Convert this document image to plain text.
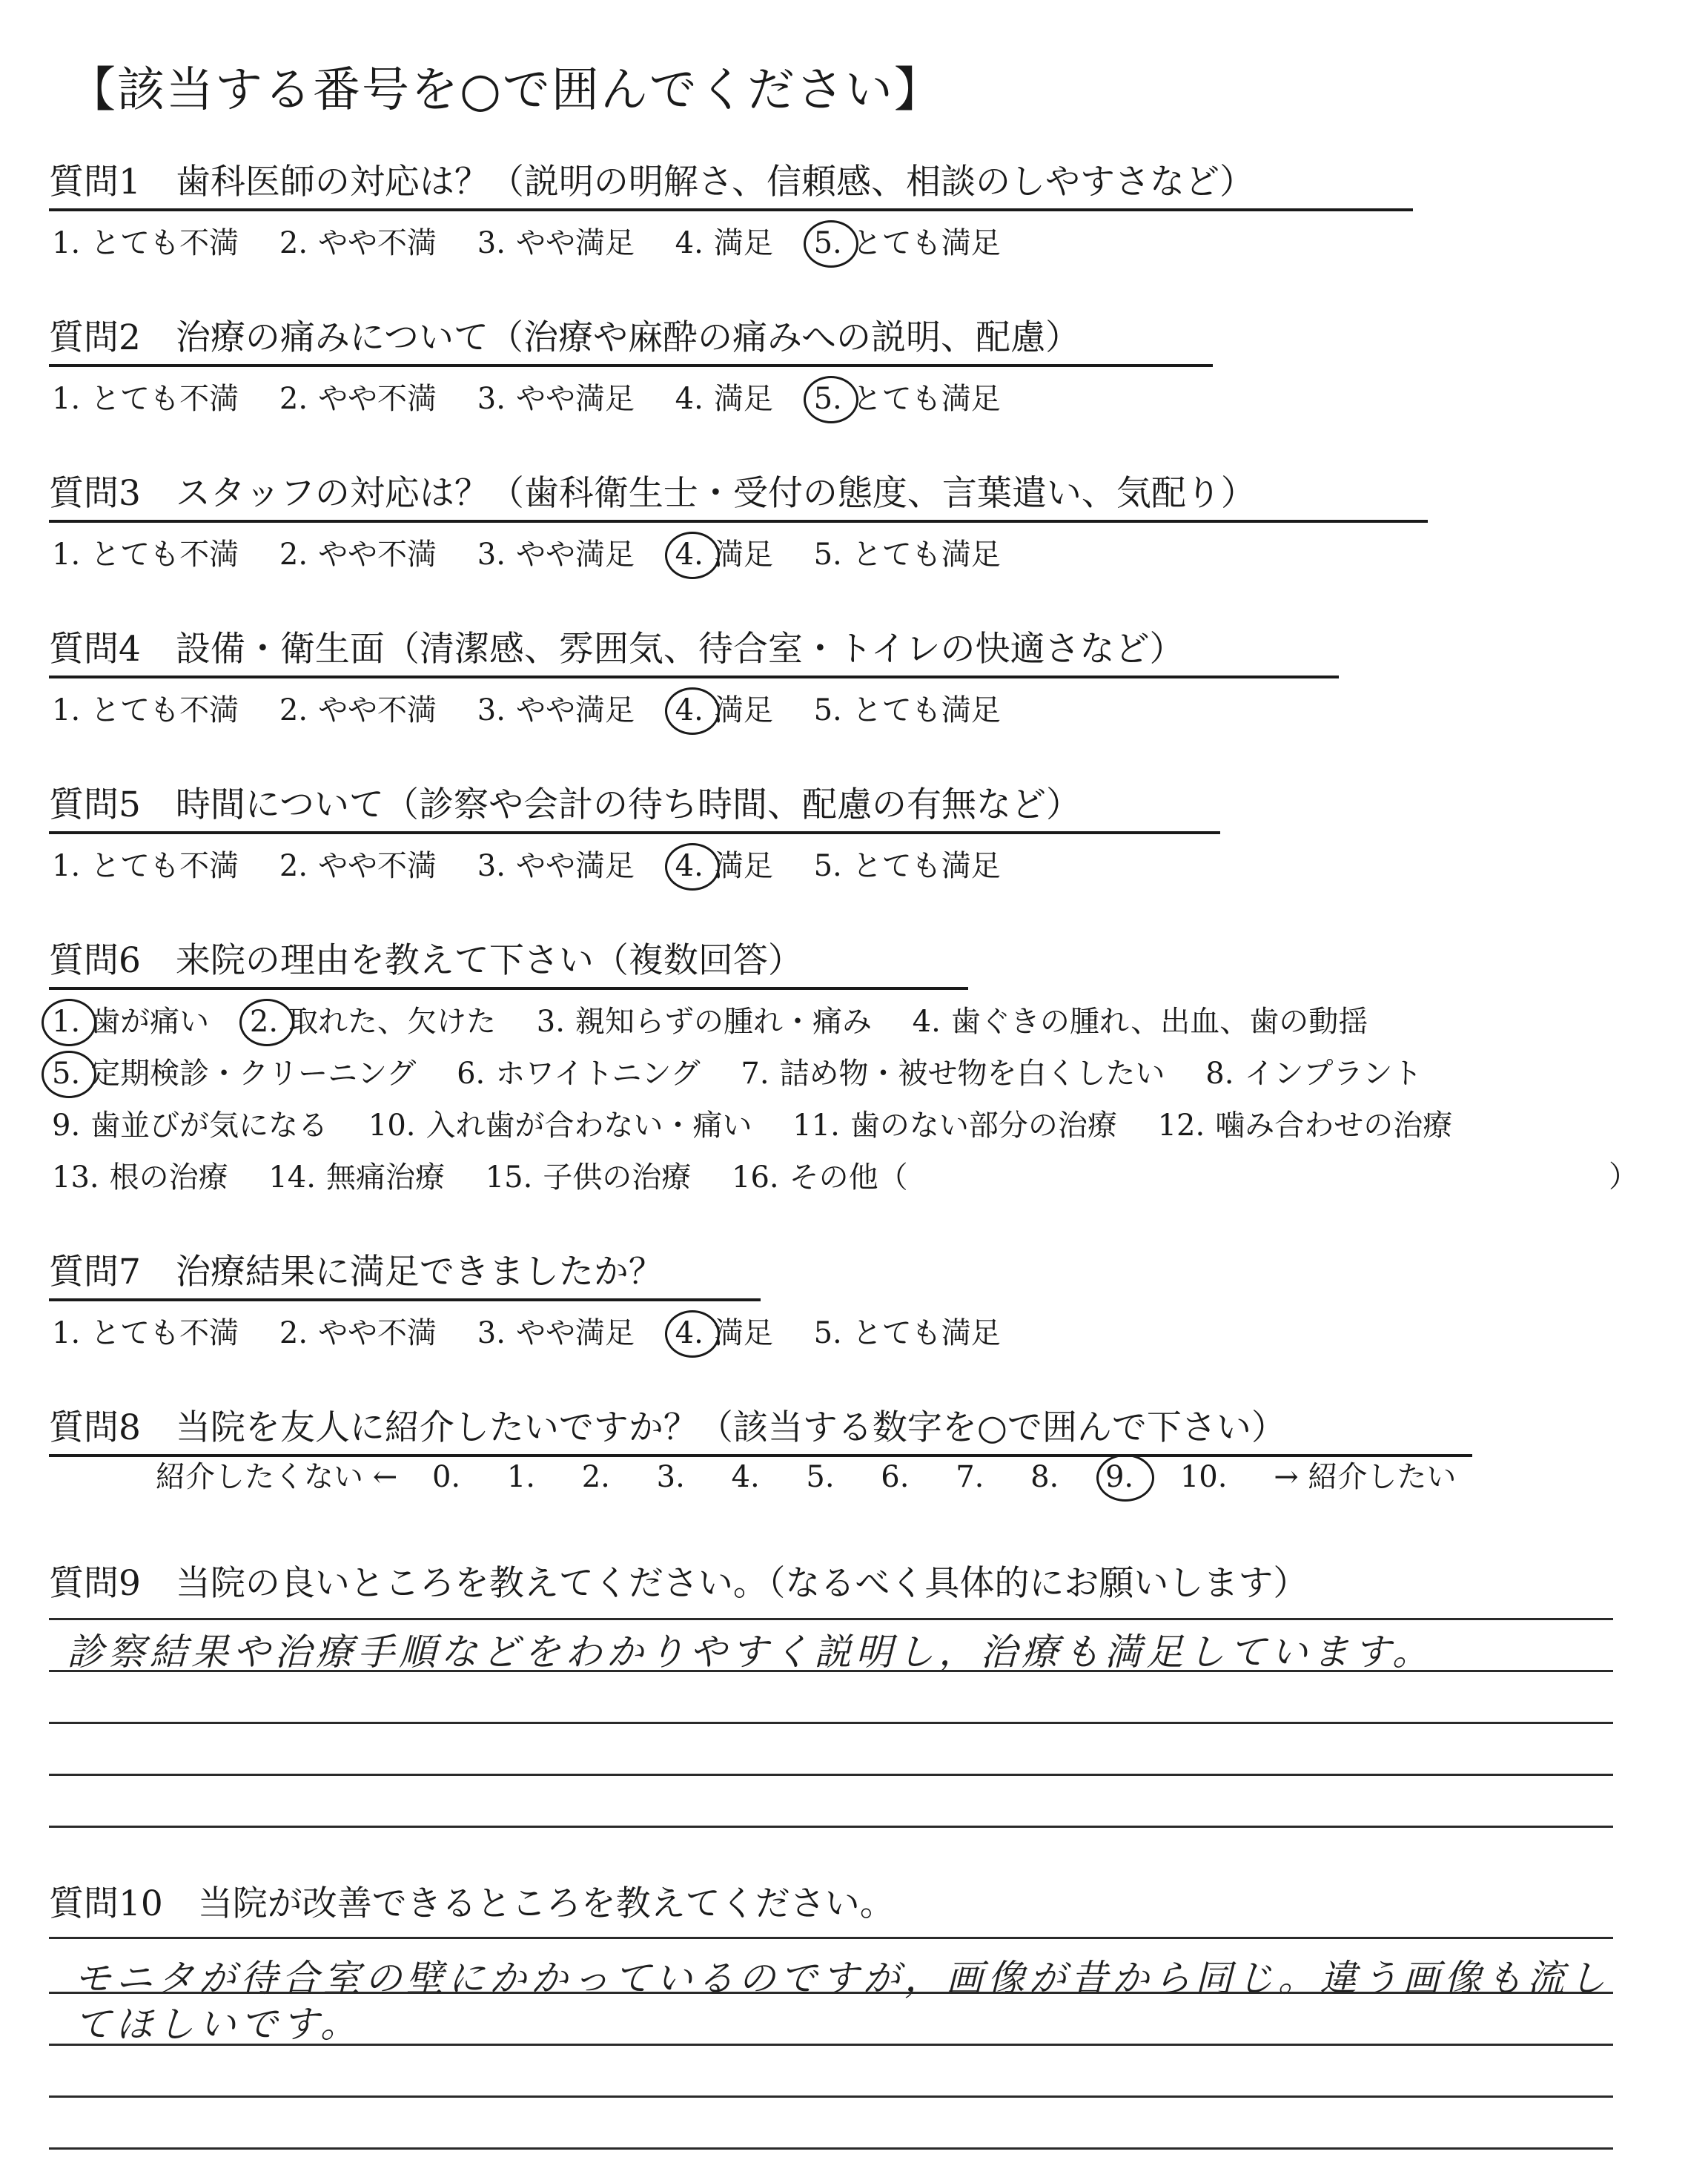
【該当する番号を○で囲んでください】
質問1　歯科医師の対応は？（説明の明解さ、信頼感、相談のしやすさなど）
1. とても不満 2. やや不満 3. やや満足 4. 満足 5. とても満足
質問2　治療の痛みについて（治療や麻酔の痛みへの説明、配慮）
1. とても不満 2. やや不満 3. やや満足 4. 満足 5. とても満足
質問3　スタッフの対応は？（歯科衛生士・受付の態度、言葉遣い、気配り）
1. とても不満 2. やや不満 3. やや満足 4. 満足 5. とても満足
質問4　設備・衛生面（清潔感、雰囲気、待合室・トイレの快適さなど）
1. とても不満 2. やや不満 3. やや満足 4. 満足 5. とても満足
質問5　時間について（診察や会計の待ち時間、配慮の有無など）
1. とても不満 2. やや不満 3. やや満足 4. 満足 5. とても満足
質問6　来院の理由を教えて下さい（複数回答）
1. 歯が痛い 2. 取れた、欠けた 3. 親知らずの腫れ・痛み 4. 歯ぐきの腫れ、出血、歯の動揺
5. 定期検診・クリーニング 6. ホワイトニング 7. 詰め物・被せ物を白くしたい 8. インプラント
9. 歯並びが気になる 10. 入れ歯が合わない・痛い 11. 歯のない部分の治療 12. 噛み合わせの治療
13. 根の治療 14. 無痛治療 15. 子供の治療 16. その他（	）
質問7　治療結果に満足できましたか？
1. とても不満 2. やや不満 3. やや満足 4. 満足 5. とても満足
質問8　当院を友人に紹介したいですか？（該当する数字を○で囲んで下さい）
紹介したくない ← 0. 1. 2. 3. 4. 5. 6. 7. 8. 9. 10. → 紹介したい
質問9　当院の良いところを教えてください。（なるべく具体的にお願いします）
診察結果や治療手順などをわかりやすく説明し，治療も満足しています。
質問10　当院が改善できるところを教えてください。
モニタが待合室の壁にかかっているのですが，画像が昔から同じ。違う画像も流し
てほしいです。
